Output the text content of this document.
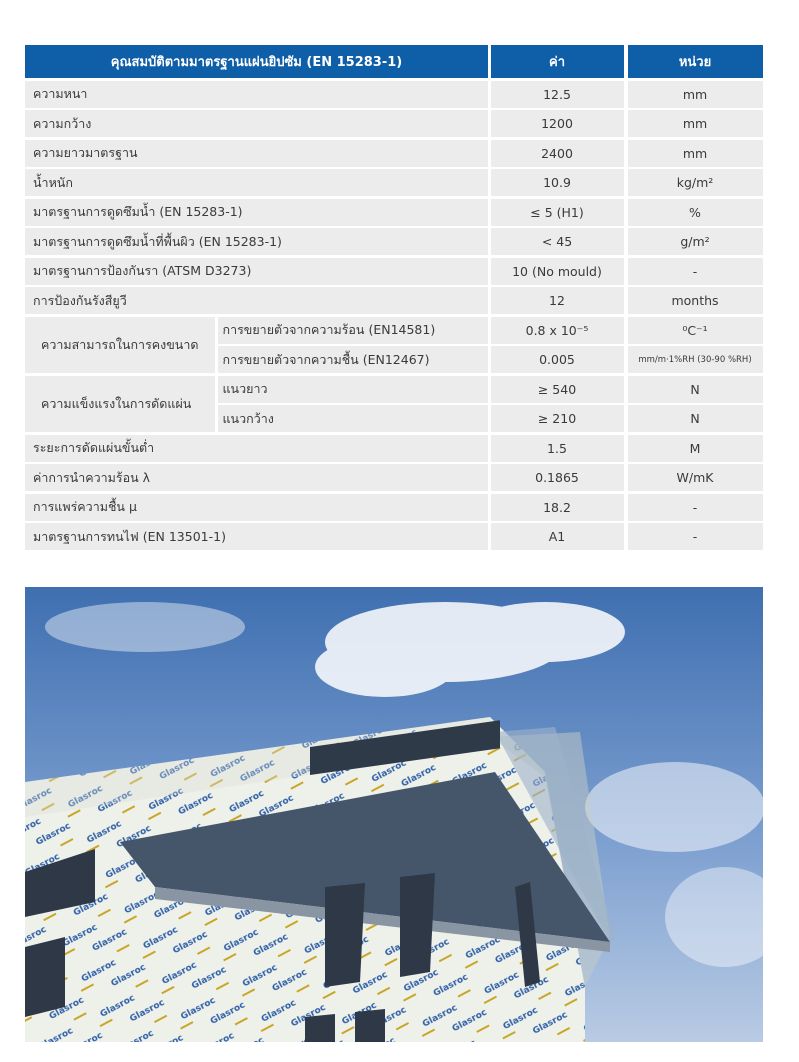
คุณสมบัติตามมาตรฐานแผ่นยิปซัม (EN 15283-1)	ค่า	หน่วย
ความหนา	12.5	mm
ความกว้าง	1200	mm
ความยาวมาตรฐาน	2400	mm
น้ำหนัก	10.9	kg/m²
มาตรฐานการดูดซึมน้ำ (EN 15283-1)	≤ 5 (H1)	%
มาตรฐานการดูดซึมน้ำที่พื้นผิว (EN 15283-1)	< 45	g/m²
มาตรฐานการป้องกันรา (ATSM D3273)	10 (No mould)	-
การป้องกันรังสียูวี	12	months
ความสามารถในการคงขนาด
การขยายตัวจากความร้อน (EN14581)	0.8 x 10⁻⁵	⁰C⁻¹
การขยายตัวจากความชื้น (EN12467)	0.005	mm/m·1%RH (30-90 %RH)
ความแข็งแรงในการดัดแผ่น
แนวยาว	≥ 540	N
แนวกว้าง	≥ 210	N
ระยะการดัดแผ่นขั้นต่ำ	1.5	M
ค่าการนำความร้อน λ	0.1865	W/mK
การแพร่ความชื้น μ	18.2	-
มาตรฐานการทนไฟ (EN 13501-1)	A1	-
